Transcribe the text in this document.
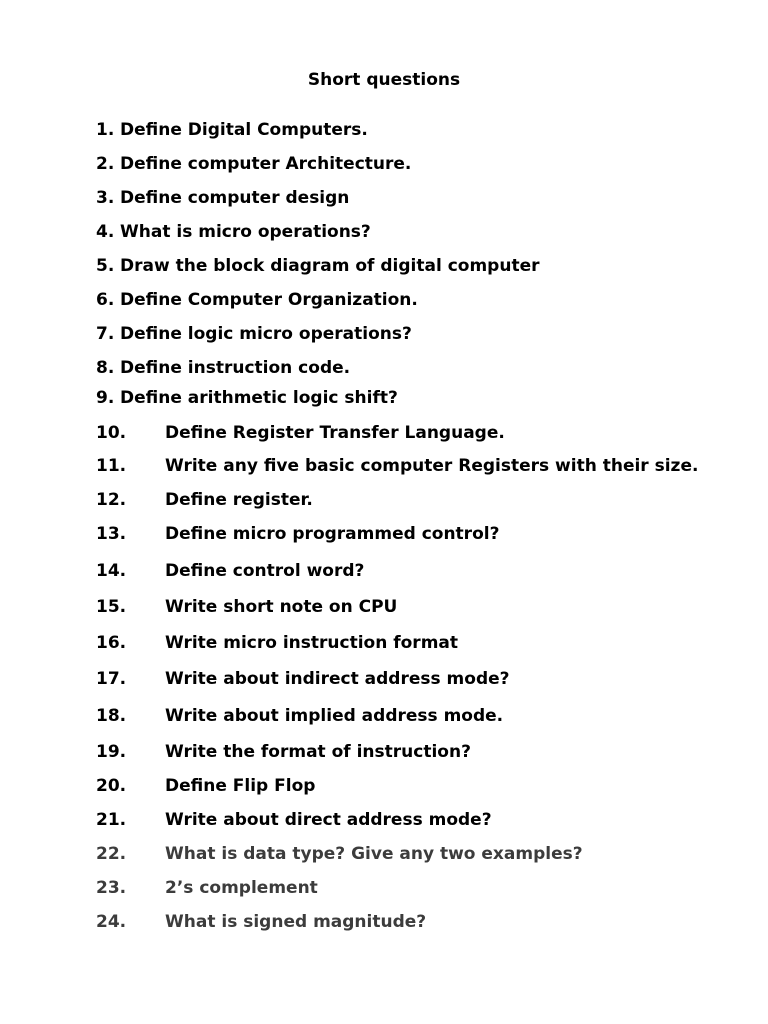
Short questions
1. Define Digital Computers.
2. Define computer Architecture.
3. Define computer design
4. What is micro operations?
5. Draw the block diagram of digital computer
6. Define Computer Organization.
7. Define logic micro operations?
8. Define instruction code.
9. Define arithmetic logic shift?
10. Define Register Transfer Language.
11. Write any five basic computer Registers with their size.
12. Define register.
13. Define micro programmed control?
14. Define control word?
15. Write short note on CPU
16. Write micro instruction format
17. Write about indirect address mode?
18. Write about implied address mode.
19. Write the format of instruction?
20. Define Flip Flop
21. Write about direct address mode?
22. What is data type? Give any two examples?
23. 2’s complement
24. What is signed magnitude?
